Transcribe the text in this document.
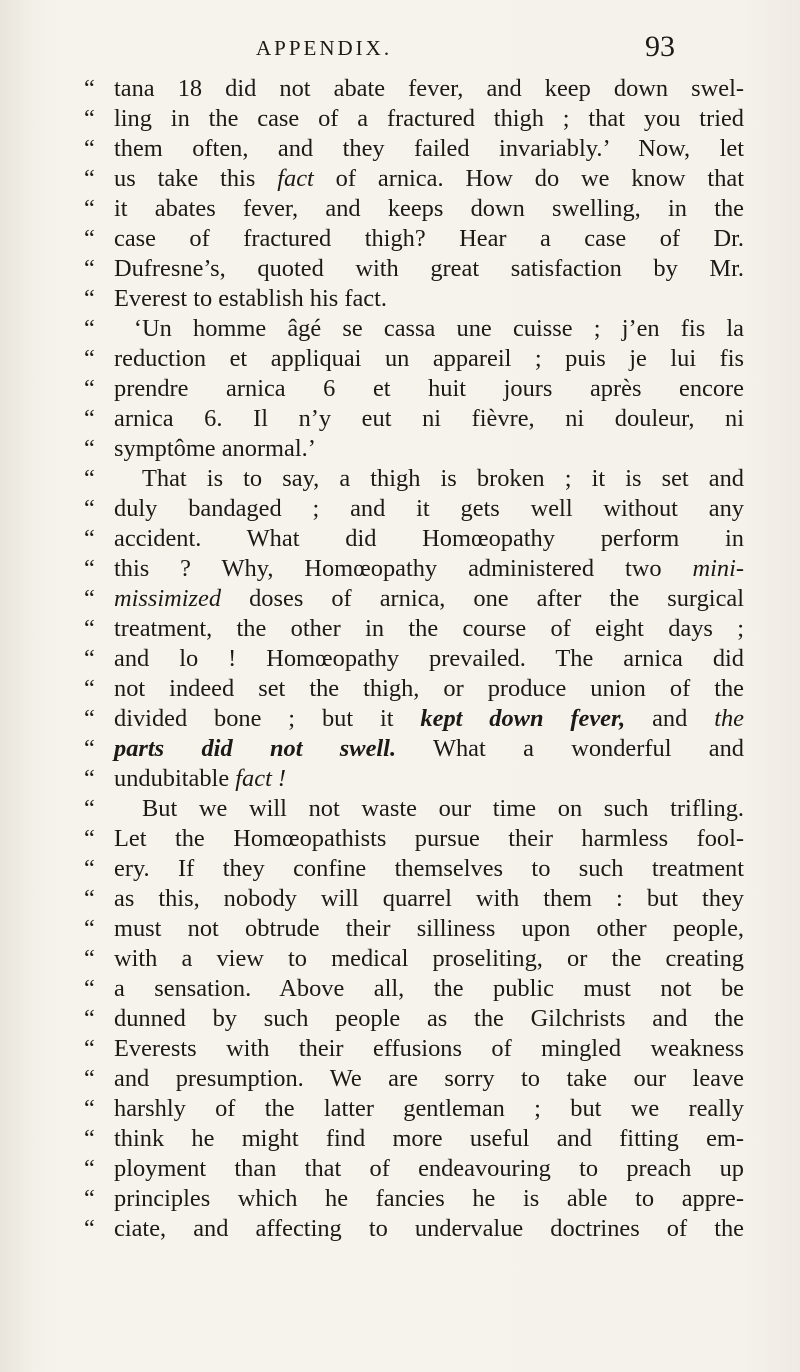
APPENDIX.	93
“ tana 18 did not abate fever, and keep down swel-
“ ling in the case of a fractured thigh ; that you tried
“ them often, and they failed invariably.’ Now, let
“ us take this fact of arnica. How do we know that
“ it abates fever, and keeps down swelling, in the
“ case of fractured thigh? Hear a case of Dr.
“ Dufresne’s, quoted with great satisfaction by Mr.
“ Everest to establish his fact.
“ ‘Un homme âgé se cassa une cuisse ; j’en fis la
“ reduction et appliquai un appareil ; puis je lui fis
“ prendre arnica 6 et huit jours après encore
“ arnica 6. Il n’y eut ni fièvre, ni douleur, ni
“ symptôme anormal.’
“ That is to say, a thigh is broken ; it is set and
“ duly bandaged ; and it gets well without any
“ accident. What did Homœopathy perform in
“ this ? Why, Homœopathy administered two mini-
“ missimized doses of arnica, one after the surgical
“ treatment, the other in the course of eight days ;
“ and lo ! Homœopathy prevailed. The arnica did
“ not indeed set the thigh, or produce union of the
“ divided bone ; but it kept down fever, and the
“ parts did not swell. What a wonderful and
“ undubitable fact !
“ But we will not waste our time on such trifling.
“ Let the Homœopathists pursue their harmless fool-
“ ery. If they confine themselves to such treatment
“ as this, nobody will quarrel with them : but they
“ must not obtrude their silliness upon other people,
“ with a view to medical proseliting, or the creating
“ a sensation. Above all, the public must not be
“ dunned by such people as the Gilchrists and the
“ Everests with their effusions of mingled weakness
“ and presumption. We are sorry to take our leave
“ harshly of the latter gentleman ; but we really
“ think he might find more useful and fitting em-
“ ployment than that of endeavouring to preach up
“ principles which he fancies he is able to appre-
“ ciate, and affecting to undervalue doctrines of the
